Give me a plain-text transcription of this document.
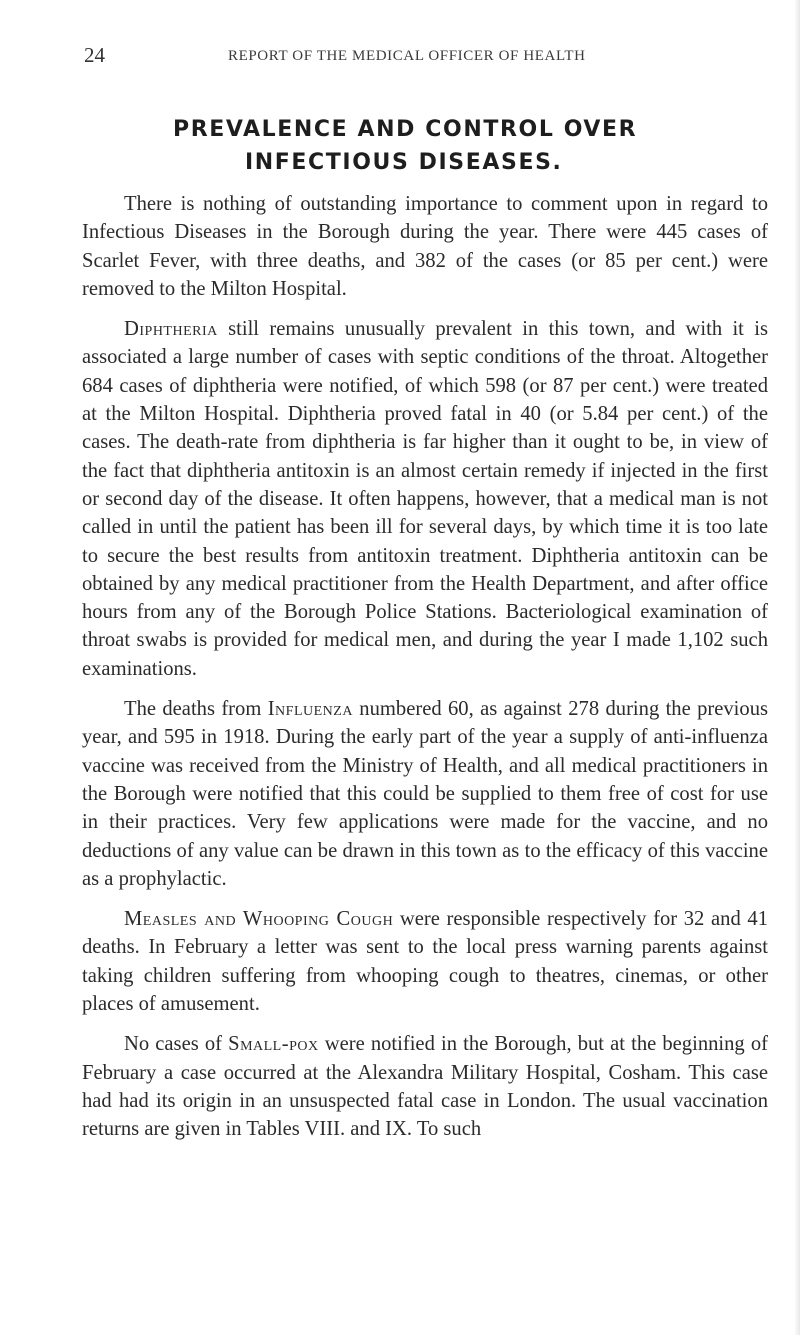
24	REPORT OF THE MEDICAL OFFICER OF HEALTH
PREVALENCE AND CONTROL OVER
INFECTIOUS DISEASES.

There is nothing of outstanding importance to comment upon in regard to Infectious Diseases in the Borough during the year. There were 445 cases of Scarlet Fever, with three deaths, and 382 of the cases (or 85 per cent.) were removed to the Milton Hospital.

Diphtheria still remains unusually prevalent in this town, and with it is associated a large number of cases with septic conditions of the throat. Altogether 684 cases of diphtheria were notified, of which 598 (or 87 per cent.) were treated at the Milton Hospital. Diphtheria proved fatal in 40 (or 5.84 per cent.) of the cases. The death-rate from diphtheria is far higher than it ought to be, in view of the fact that diphtheria antitoxin is an almost certain remedy if injected in the first or second day of the disease. It often happens, however, that a medical man is not called in until the patient has been ill for several days, by which time it is too late to secure the best results from antitoxin treatment. Diphtheria antitoxin can be obtained by any medical practitioner from the Health Department, and after office hours from any of the Borough Police Stations. Bacteriological examination of throat swabs is provided for medical men, and during the year I made 1,102 such examinations.

The deaths from Influenza numbered 60, as against 278 during the previous year, and 595 in 1918. During the early part of the year a supply of anti-influenza vaccine was received from the Ministry of Health, and all medical practitioners in the Borough were notified that this could be supplied to them free of cost for use in their practices. Very few applications were made for the vaccine, and no deductions of any value can be drawn in this town as to the efficacy of this vaccine as a prophylactic.

Measles and Whooping Cough were responsible respectively for 32 and 41 deaths. In February a letter was sent to the local press warning parents against taking children suffering from whooping cough to theatres, cinemas, or other places of amusement.

No cases of Small-pox were notified in the Borough, but at the beginning of February a case occurred at the Alexandra Military Hospital, Cosham. This case had had its origin in an unsuspected fatal case in London. The usual vaccination returns are given in Tables VIII. and IX. To such
